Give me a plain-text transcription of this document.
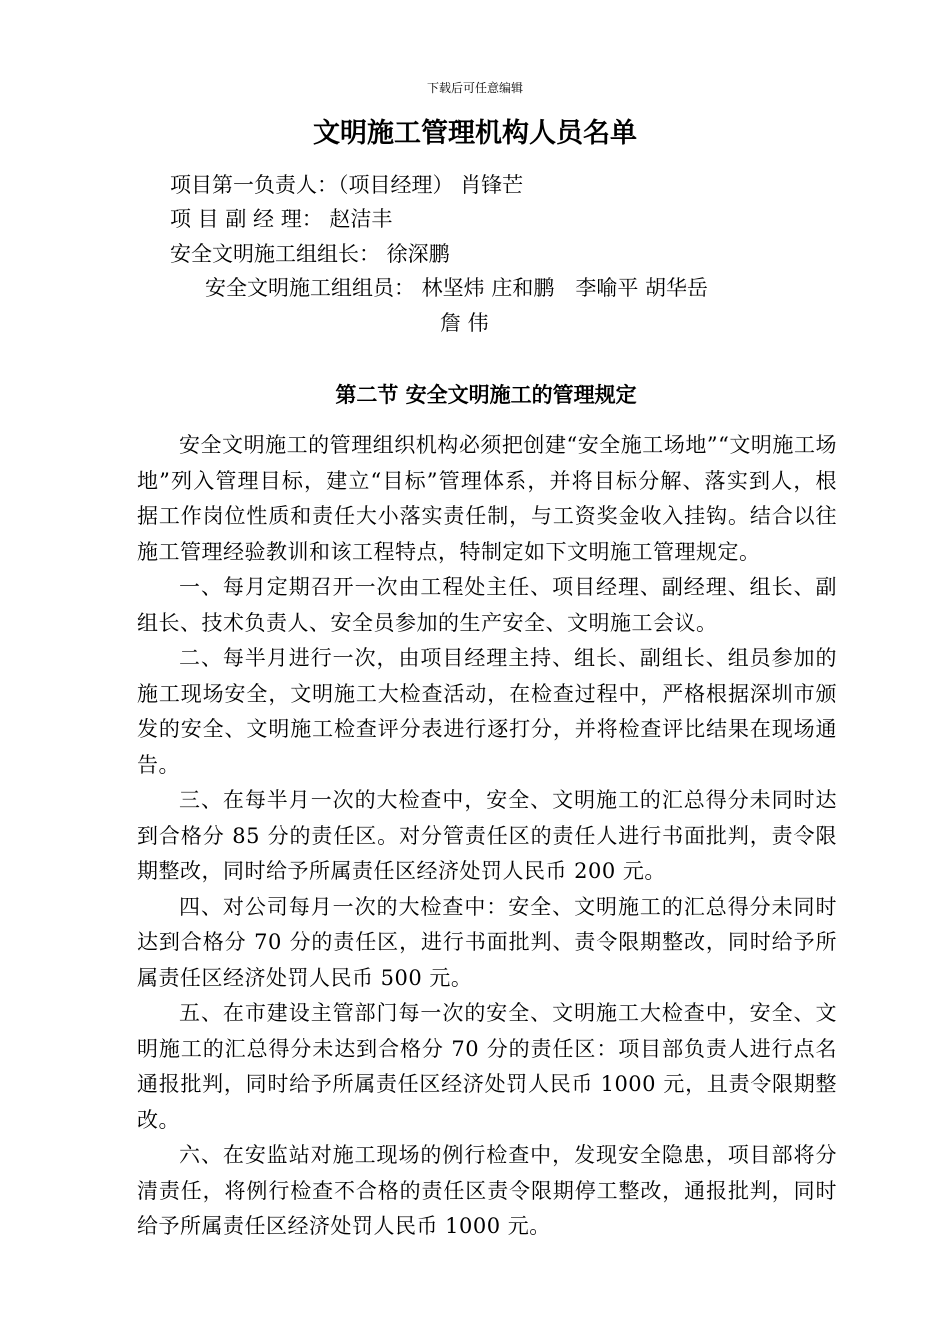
下载后可任意编辑
文明施工管理机构人员名单
项目第一负责人：（项目经理） 肖锋芒
项 目 副 经 理： 赵洁丰
安全文明施工组组长： 徐深鹏
安全文明施工组组员： 林坚炜 庄和鹏　李喻平 胡华岳
詹 伟
第二节 安全文明施工的管理规定

安全文明施工的管理组织机构必须把创建“安全施工场地”“文明施工场地”列入管理目标，建立“目标”管理体系，并将目标分解、落实到人，根据工作岗位性质和责任大小落实责任制，与工资奖金收入挂钩。结合以往施工管理经验教训和该工程特点，特制定如下文明施工管理规定。

一、每月定期召开一次由工程处主任、项目经理、副经理、组长、副组长、技术负责人、安全员参加的生产安全、文明施工会议。

二、每半月进行一次，由项目经理主持、组长、副组长、组员参加的施工现场安全，文明施工大检查活动，在检查过程中，严格根据深圳市颁发的安全、文明施工检查评分表进行逐打分，并将检查评比结果在现场通告。

三、在每半月一次的大检查中，安全、文明施工的汇总得分未同时达到合格分 85 分的责任区。对分管责任区的责任人进行书面批判，责令限期整改，同时给予所属责任区经济处罚人民币 200 元。

四、对公司每月一次的大检查中：安全、文明施工的汇总得分未同时达到合格分 70 分的责任区，进行书面批判、责令限期整改，同时给予所属责任区经济处罚人民币 500 元。

五、在市建设主管部门每一次的安全、文明施工大检查中，安全、文明施工的汇总得分未达到合格分 70 分的责任区：项目部负责人进行点名通报批判，同时给予所属责任区经济处罚人民币 1000 元，且责令限期整改。

六、在安监站对施工现场的例行检查中，发现安全隐患，项目部将分清责任，将例行检查不合格的责任区责令限期停工整改，通报批判，同时给予所属责任区经济处罚人民币 1000 元。
